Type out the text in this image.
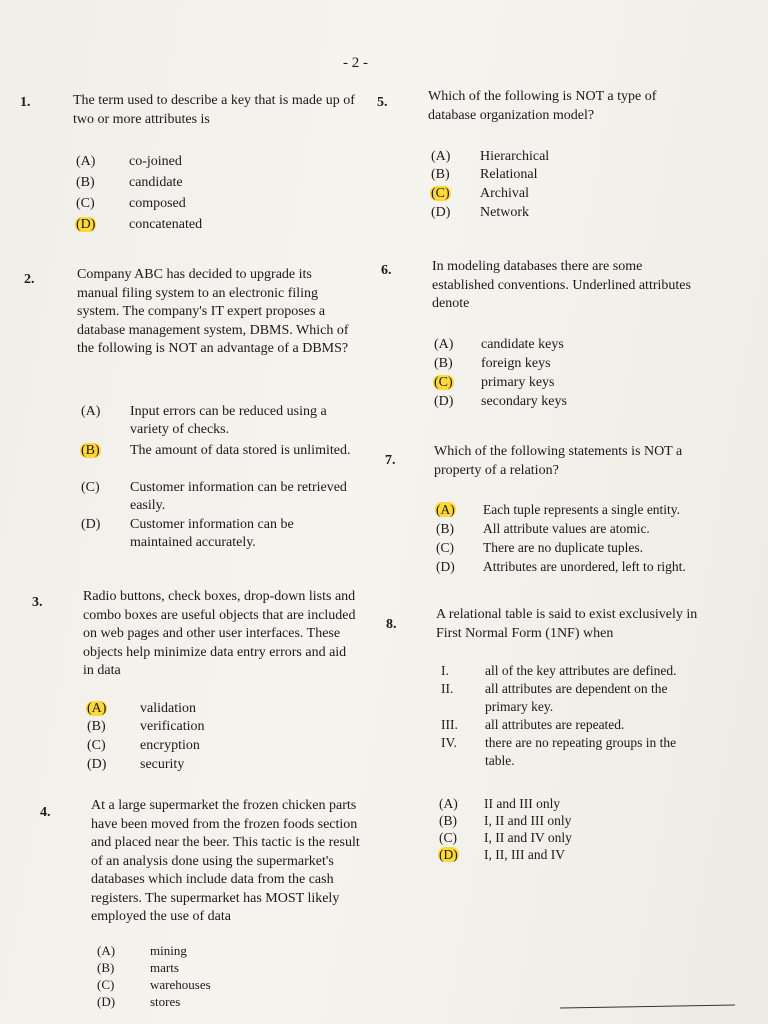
- 2 -
1.	The term used to describe a key that is made up of two or more attributes is
(A) co-joined
(B) candidate
(C) composed
(D) concatenated
2.	Company ABC has decided to upgrade its manual filing system to an electronic filing system. The company's IT expert proposes a database management system, DBMS. Which of the following is NOT an advantage of a DBMS?
(A)	Input errors can be reduced using a variety of checks.
(B)	The amount of data stored is unlimited.
(C)	Customer information can be retrieved easily.
(D)	Customer information can be maintained accurately.
3.	Radio buttons, check boxes, drop-down lists and combo boxes are useful objects that are included on web pages and other user interfaces. These objects help minimize data entry errors and aid in data
(A) validation
(B) verification
(C) encryption
(D) security
4.	At a large supermarket the frozen chicken parts have been moved from the frozen foods section and placed near the beer. This tactic is the result of an analysis done using the supermarket's databases which include data from the cash registers. The supermarket has MOST likely employed the use of data
(A)	mining
(B)	marts
(C)	warehouses
(D)	stores
5.	Which of the following is NOT a type of database organization model?
(A) Hierarchical
(B) Relational
(C) Archival
(D) Network
6.	In modeling databases there are some established conventions. Underlined attributes denote
(A) candidate keys
(B) foreign keys
(C) primary keys
(D) secondary keys
7.
Which of the following statements is NOT a property of a relation?
(A) Each tuple represents a single entity.
(B) All attribute values are atomic.
(C) There are no duplicate tuples.
(D) Attributes are unordered, left to right.
8.
A relational table is said to exist exclusively in First Normal Form (1NF) when
I.	all of the key attributes are defined.
II.	all attributes are dependent on the primary key.
III. all attributes are repeated.
IV.	there are no repeating groups in the table.
(A) II and III only
(B) I, II and III only
(C) I, II and IV only
(D) I, II, III and IV
